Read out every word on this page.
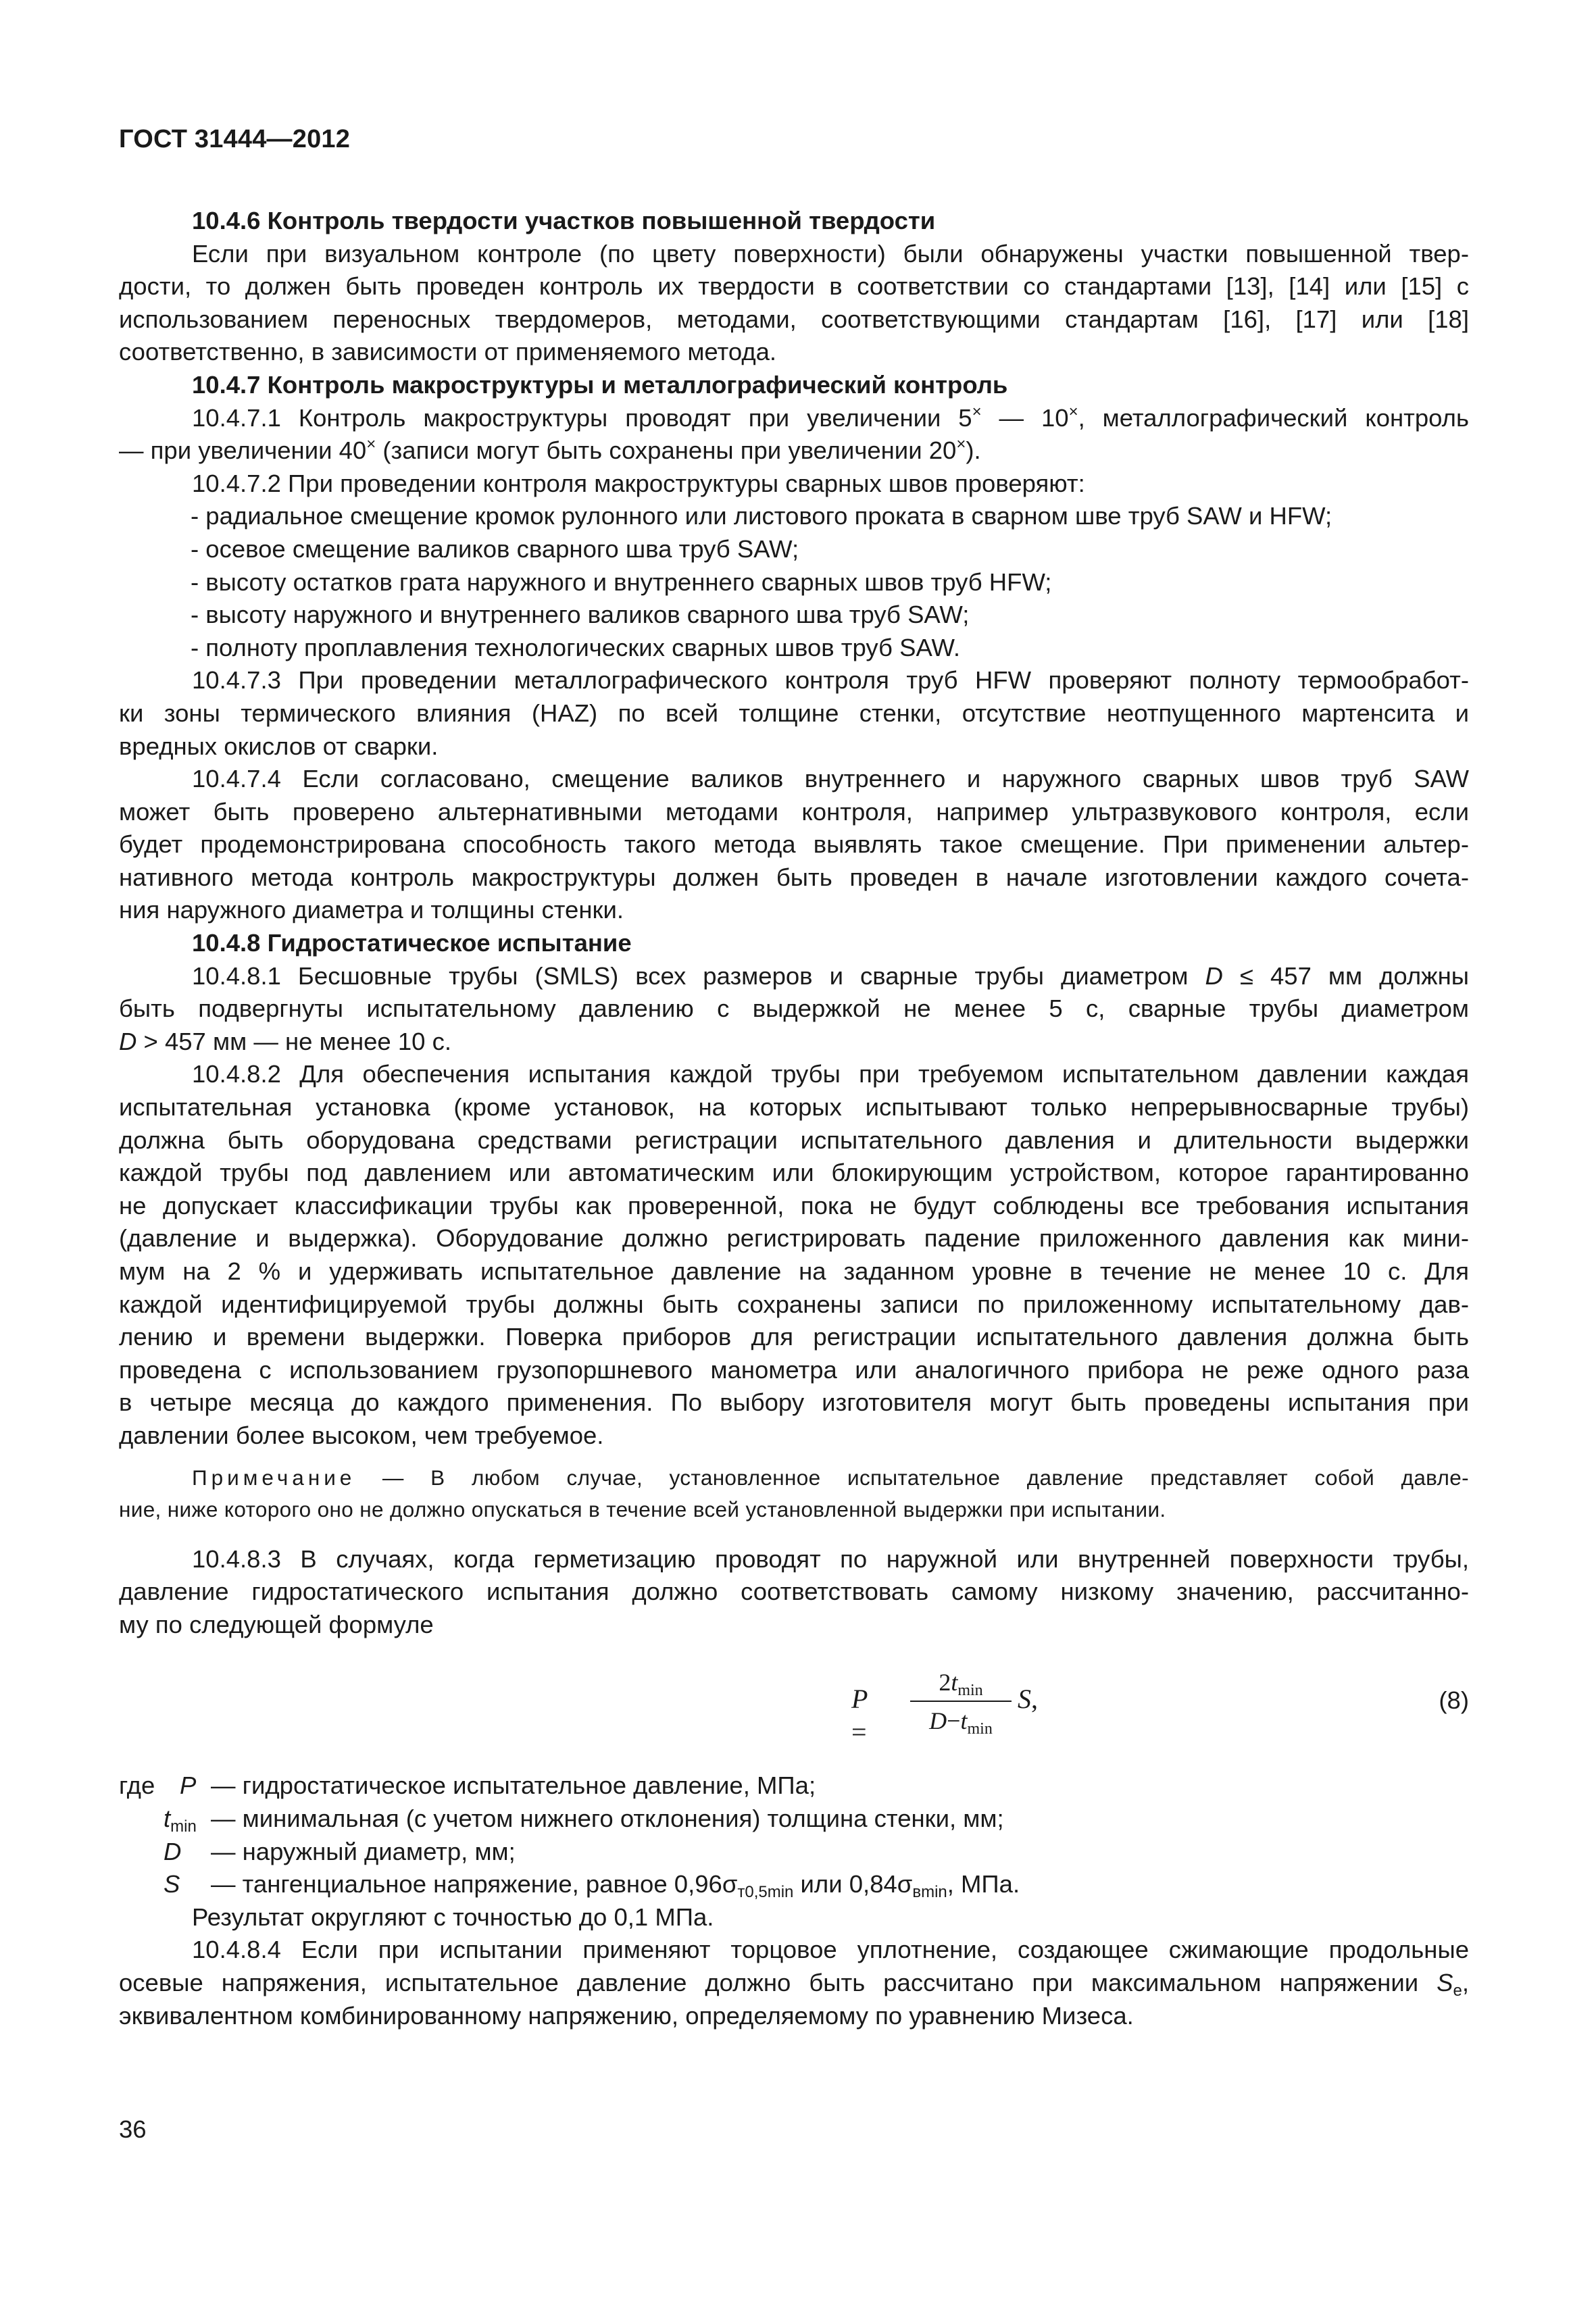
ГОСТ 31444—2012

10.4.6 Контроль твердости участков повышенной твердости

Если при визуальном контроле (по цвету поверхности) были обнаружены участки повышенной твер-

дости, то должен быть проведен контроль их твердости в соответствии со стандартами [13], [14] или [15] с

использованием переносных твердомеров, методами, соответствующими стандартам [16], [17] или [18]

соответственно, в зависимости от применяемого метода.

10.4.7 Контроль макроструктуры и металлографический контроль

10.4.7.1 Контроль макроструктуры проводят при увеличении 5× — 10×, металлографический контроль

— при увеличении 40× (записи могут быть сохранены при увеличении 20×).

10.4.7.2 При проведении контроля макроструктуры сварных швов проверяют:

- радиальное смещение кромок рулонного или листового проката в сварном шве труб SAW и HFW;

- осевое смещение валиков сварного шва труб SAW;

- высоту остатков грата наружного и внутреннего сварных швов труб HFW;

- высоту наружного и внутреннего валиков сварного шва труб SAW;

- полноту проплавления технологических сварных швов труб SAW.

10.4.7.3 При проведении металлографического контроля труб HFW проверяют полноту термообработ-

ки зоны термического влияния (HAZ) по всей толщине стенки, отсутствие неотпущенного мартенсита и

вредных окислов от сварки.

10.4.7.4 Если согласовано, смещение валиков внутреннего и наружного сварных швов труб SAW

может быть проверено альтернативными методами контроля, например ультразвукового контроля, если

будет продемонстрирована способность такого метода выявлять такое смещение. При применении альтер-

нативного метода контроль макроструктуры должен быть проведен в начале изготовлении каждого сочета-

ния наружного диаметра и толщины стенки.

10.4.8 Гидростатическое испытание

10.4.8.1 Бесшовные трубы (SMLS) всех размеров и сварные трубы диаметром D ≤ 457 мм должны

быть подвергнуты испытательному давлению с выдержкой не менее 5 с, сварные трубы диаметром

D > 457 мм — не менее 10 с.

10.4.8.2 Для обеспечения испытания каждой трубы при требуемом испытательном давлении каждая

испытательная установка (кроме установок, на которых испытывают только непрерывносварные трубы)

должна быть оборудована средствами регистрации испытательного давления и длительности выдержки

каждой трубы под давлением или автоматическим или блокирующим устройством, которое гарантированно

не допускает классификации трубы как проверенной, пока не будут соблюдены все требования испытания

(давление и выдержка). Оборудование должно регистрировать падение приложенного давления как мини-

мум на 2 % и удерживать испытательное давление на заданном уровне в течение не менее 10 с. Для

каждой идентифицируемой трубы должны быть сохранены записи по приложенному испытательному дав-

лению и времени выдержки. Поверка приборов для регистрации испытательного давления должна быть

проведена с использованием грузопоршневого манометра или аналогичного прибора не реже одного раза

в четыре месяца до каждого применения. По выбору изготовителя могут быть проведены испытания при

давлении более высоком, чем требуемое.

Примечание — В любом случае, установленное испытательное давление представляет собой давле-

ние, ниже которого оно не должно опускаться в течение всей установленной выдержки при испытании.

10.4.8.3 В случаях, когда герметизацию проводят по наружной или внутренней поверхности трубы,

давление гидростатического испытания должно соответствовать самому низкому значению, рассчитанно-

му по следующей формуле

P =
$2t_{min}$
$D-t_{min}$
S,	(8)
где P — гидростатическое испытательное давление, МПа;
$t_{min}$ — минимальная (с учетом нижнего отклонения) толщина стенки, мм;
D — наружный диаметр, мм;
S — тангенциальное напряжение, равное $0,96\sigma_{т0,5min}$ или $0,84\sigma_{вmin}$, МПа.

Результат округляют с точностью до 0,1 МПа.

10.4.8.4 Если при испытании применяют торцовое уплотнение, создающее сжимающие продольные

осевые напряжения, испытательное давление должно быть рассчитано при максимальном напряжении $S_e$,

эквивалентном комбинированному напряжению, определяемому по уравнению Мизеса.

36
